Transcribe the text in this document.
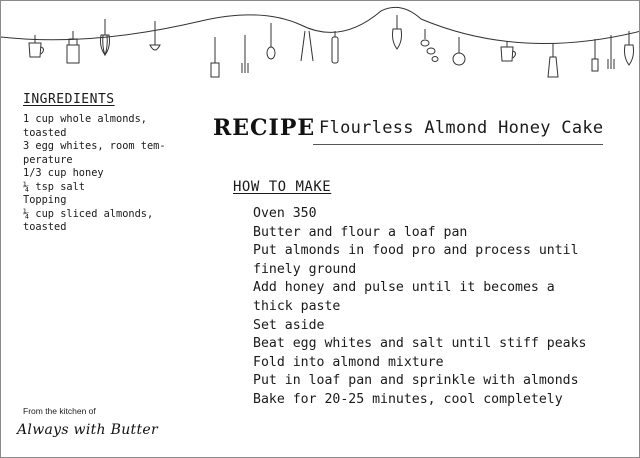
INGREDIENTS
1 cup whole almonds,
toasted
3 egg whites, room tem-
perature
1/3 cup honey
¼ tsp salt
Topping
¼ cup sliced almonds,
toasted
RECIPE Flourless Almond Honey Cake
HOW TO MAKE
Oven 350
Butter and flour a loaf pan
Put almonds in food pro and process until
finely ground
Add honey and pulse until it becomes a
thick paste
Set aside
Beat egg whites and salt until stiff peaks
Fold into almond mixture
Put in loaf pan and sprinkle with almonds
Bake for 20-25 minutes, cool completely
From the kitchen of
Always with Butter
